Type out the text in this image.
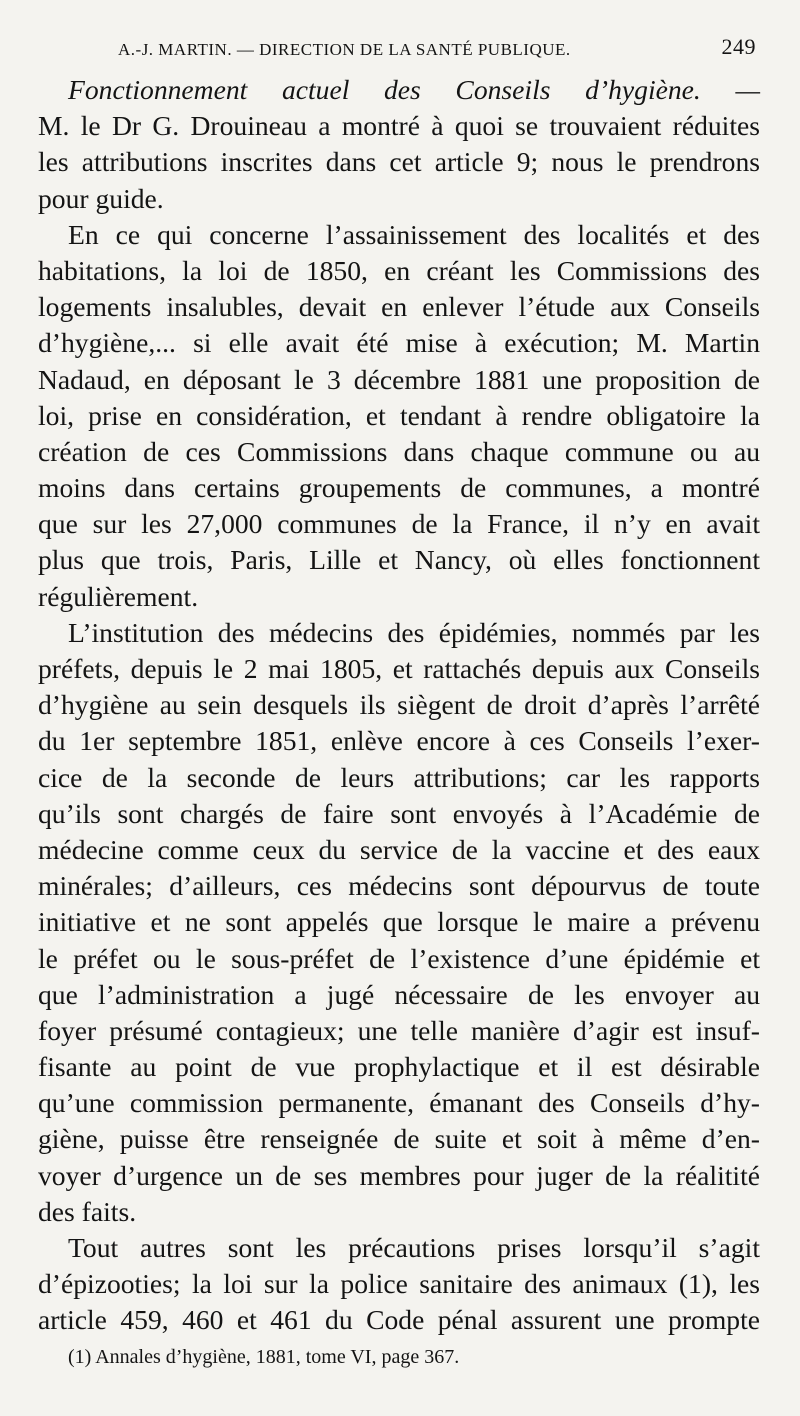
A.-J. MARTIN. — DIRECTION DE LA SANTÉ PUBLIQUE.	249
Fonctionnement actuel des Conseils d’hygiène. —
M. le Dr G. Drouineau a montré à quoi se trouvaient réduites
les attributions inscrites dans cet article 9; nous le prendrons
pour guide.
En ce qui concerne l’assainissement des localités et des
habitations, la loi de 1850, en créant les Commissions des
logements insalubles, devait en enlever l’étude aux Conseils
d’hygiène,... si elle avait été mise à exécution; M. Martin
Nadaud, en déposant le 3 décembre 1881 une proposition de
loi, prise en considération, et tendant à rendre obligatoire la
création de ces Commissions dans chaque commune ou au
moins dans certains groupements de communes, a montré
que sur les 27,000 communes de la France, il n’y en avait
plus que trois, Paris, Lille et Nancy, où elles fonctionnent
régulièrement.
L’institution des médecins des épidémies, nommés par les
préfets, depuis le 2 mai 1805, et rattachés depuis aux Conseils
d’hygiène au sein desquels ils siègent de droit d’après l’arrêté
du 1er septembre 1851, enlève encore à ces Conseils l’exer-
cice de la seconde de leurs attributions; car les rapports
qu’ils sont chargés de faire sont envoyés à l’Académie de
médecine comme ceux du service de la vaccine et des eaux
minérales; d’ailleurs, ces médecins sont dépourvus de toute
initiative et ne sont appelés que lorsque le maire a prévenu
le préfet ou le sous-préfet de l’existence d’une épidémie et
que l’administration a jugé nécessaire de les envoyer au
foyer présumé contagieux; une telle manière d’agir est insuf-
fisante au point de vue prophylactique et il est désirable
qu’une commission permanente, émanant des Conseils d’hy-
giène, puisse être renseignée de suite et soit à même d’en-
voyer d’urgence un de ses membres pour juger de la réalitité
des faits.
Tout autres sont les précautions prises lorsqu’il s’agit
d’épizooties; la loi sur la police sanitaire des animaux (1), les
article 459, 460 et 461 du Code pénal assurent une prompte
(1) Annales d’hygiène, 1881, tome VI, page 367.
